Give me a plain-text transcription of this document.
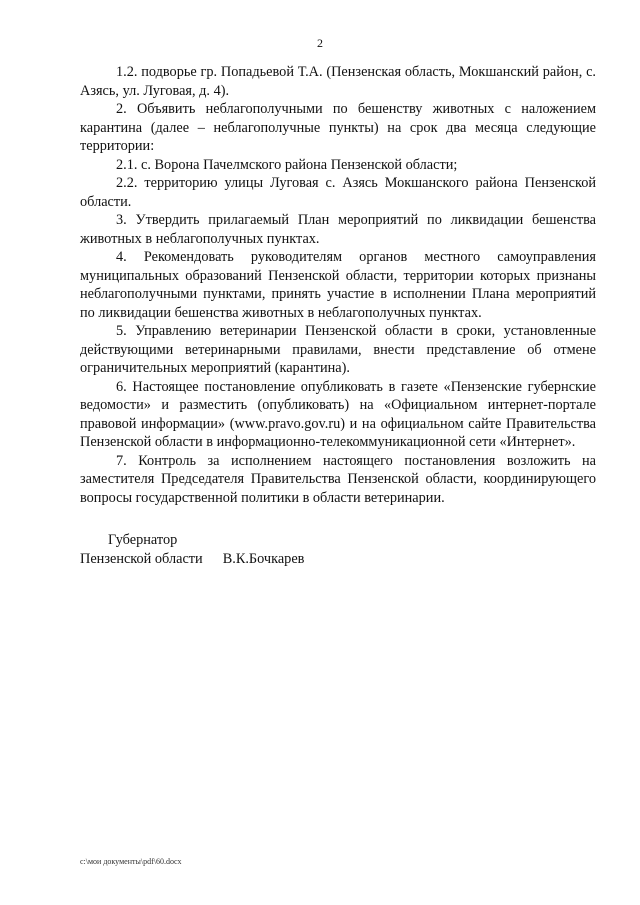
2

1.2. подворье гр. Попадьевой Т.А. (Пензенская область, Мокшанский район, с. Азясь, ул. Луговая, д. 4).

2. Объявить неблагополучными по бешенству животных с наложением карантина (далее – неблагополучные пункты) на срок два месяца следующие территории:

2.1. с. Ворона Пачелмского района Пензенской области;

2.2. территорию улицы Луговая с. Азясь Мокшанского района Пензенской области.

3. Утвердить прилагаемый План мероприятий по ликвидации бешенства животных в неблагополучных пунктах.

4. Рекомендовать руководителям органов местного самоуправления муниципальных образований Пензенской области, территории которых признаны неблагополучными пунктами, принять участие в исполнении Плана мероприятий по ликвидации бешенства животных в неблагополучных пунктах.

5. Управлению ветеринарии Пензенской области в сроки, установленные действующими ветеринарными правилами, внести представление об отмене ограничительных мероприятий (карантина).

6. Настоящее постановление опубликовать в газете «Пензенские губернские ведомости» и разместить (опубликовать) на «Официальном интернет-портале правовой информации» (www.pravo.gov.ru) и на официальном сайте Правительства Пензенской области в информационно-телекоммуникационной сети «Интернет».

7. Контроль за исполнением настоящего постановления возложить на заместителя Председателя Правительства Пензенской области, координирующего вопросы государственной политики в области ветеринарии.

Губернатор
Пензенской области В.К.Бочкарев
c:\мои документы\pdf\60.docx
